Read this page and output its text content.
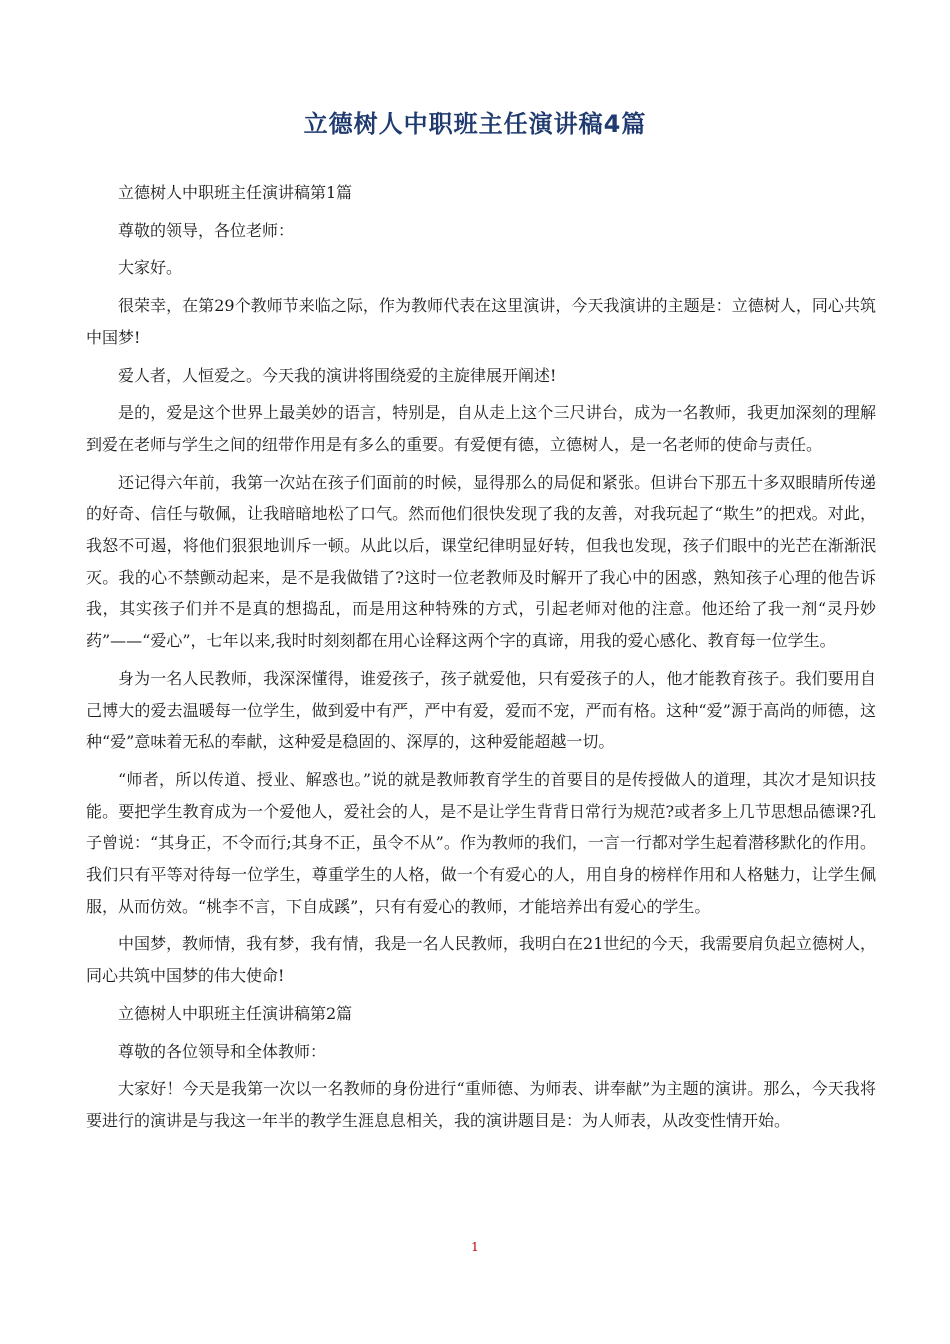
立德树人中职班主任演讲稿4篇

立德树人中职班主任演讲稿第1篇

尊敬的领导，各位老师：

大家好。

很荣幸，在第29个教师节来临之际，作为教师代表在这里演讲，今天我演讲的主题是：立德树人，同心共筑中国梦!

爱人者，人恒爱之。今天我的演讲将围绕爱的主旋律展开阐述!

是的，爱是这个世界上最美妙的语言，特别是，自从走上这个三尺讲台，成为一名教师，我更加深刻的理解到爱在老师与学生之间的纽带作用是有多么的重要。有爱便有德，立德树人，是一名老师的使命与责任。

还记得六年前，我第一次站在孩子们面前的时候，显得那么的局促和紧张。但讲台下那五十多双眼睛所传递的好奇、信任与敬佩，让我暗暗地松了口气。然而他们很快发现了我的友善，对我玩起了“欺生”的把戏。对此，我怒不可遏，将他们狠狠地训斥一顿。从此以后，课堂纪律明显好转，但我也发现，孩子们眼中的光芒在渐渐泯灭。我的心不禁颤动起来，是不是我做错了?这时一位老教师及时解开了我心中的困惑，熟知孩子心理的他告诉我，其实孩子们并不是真的想捣乱，而是用这种特殊的方式，引起老师对他的注意。他还给了我一剂“灵丹妙药”——“爱心”，七年以来,我时时刻刻都在用心诠释这两个字的真谛，用我的爱心感化、教育每一位学生。

身为一名人民教师，我深深懂得，谁爱孩子，孩子就爱他，只有爱孩子的人，他才能教育孩子。我们要用自己博大的爱去温暖每一位学生，做到爱中有严，严中有爱，爱而不宠，严而有格。这种“爱”源于高尚的师德，这种“爱”意味着无私的奉献，这种爱是稳固的、深厚的，这种爱能超越一切。

“师者，所以传道、授业、解惑也。”说的就是教师教育学生的首要目的是传授做人的道理，其次才是知识技能。要把学生教育成为一个爱他人，爱社会的人，是不是让学生背背日常行为规范?或者多上几节思想品德课?孔子曾说：“其身正，不令而行;其身不正，虽令不从”。作为教师的我们，一言一行都对学生起着潜移默化的作用。我们只有平等对待每一位学生，尊重学生的人格，做一个有爱心的人，用自身的榜样作用和人格魅力，让学生佩服，从而仿效。“桃李不言，下自成蹊”，只有有爱心的教师，才能培养出有爱心的学生。

中国梦，教师情，我有梦，我有情，我是一名人民教师，我明白在21世纪的今天，我需要肩负起立德树人，同心共筑中国梦的伟大使命!

立德树人中职班主任演讲稿第2篇

尊敬的各位领导和全体教师：

大家好！今天是我第一次以一名教师的身份进行“重师德、为师表、讲奉献”为主题的演讲。那么，今天我将要进行的演讲是与我这一年半的教学生涯息息相关，我的演讲题目是：为人师表，从改变性情开始。

1
